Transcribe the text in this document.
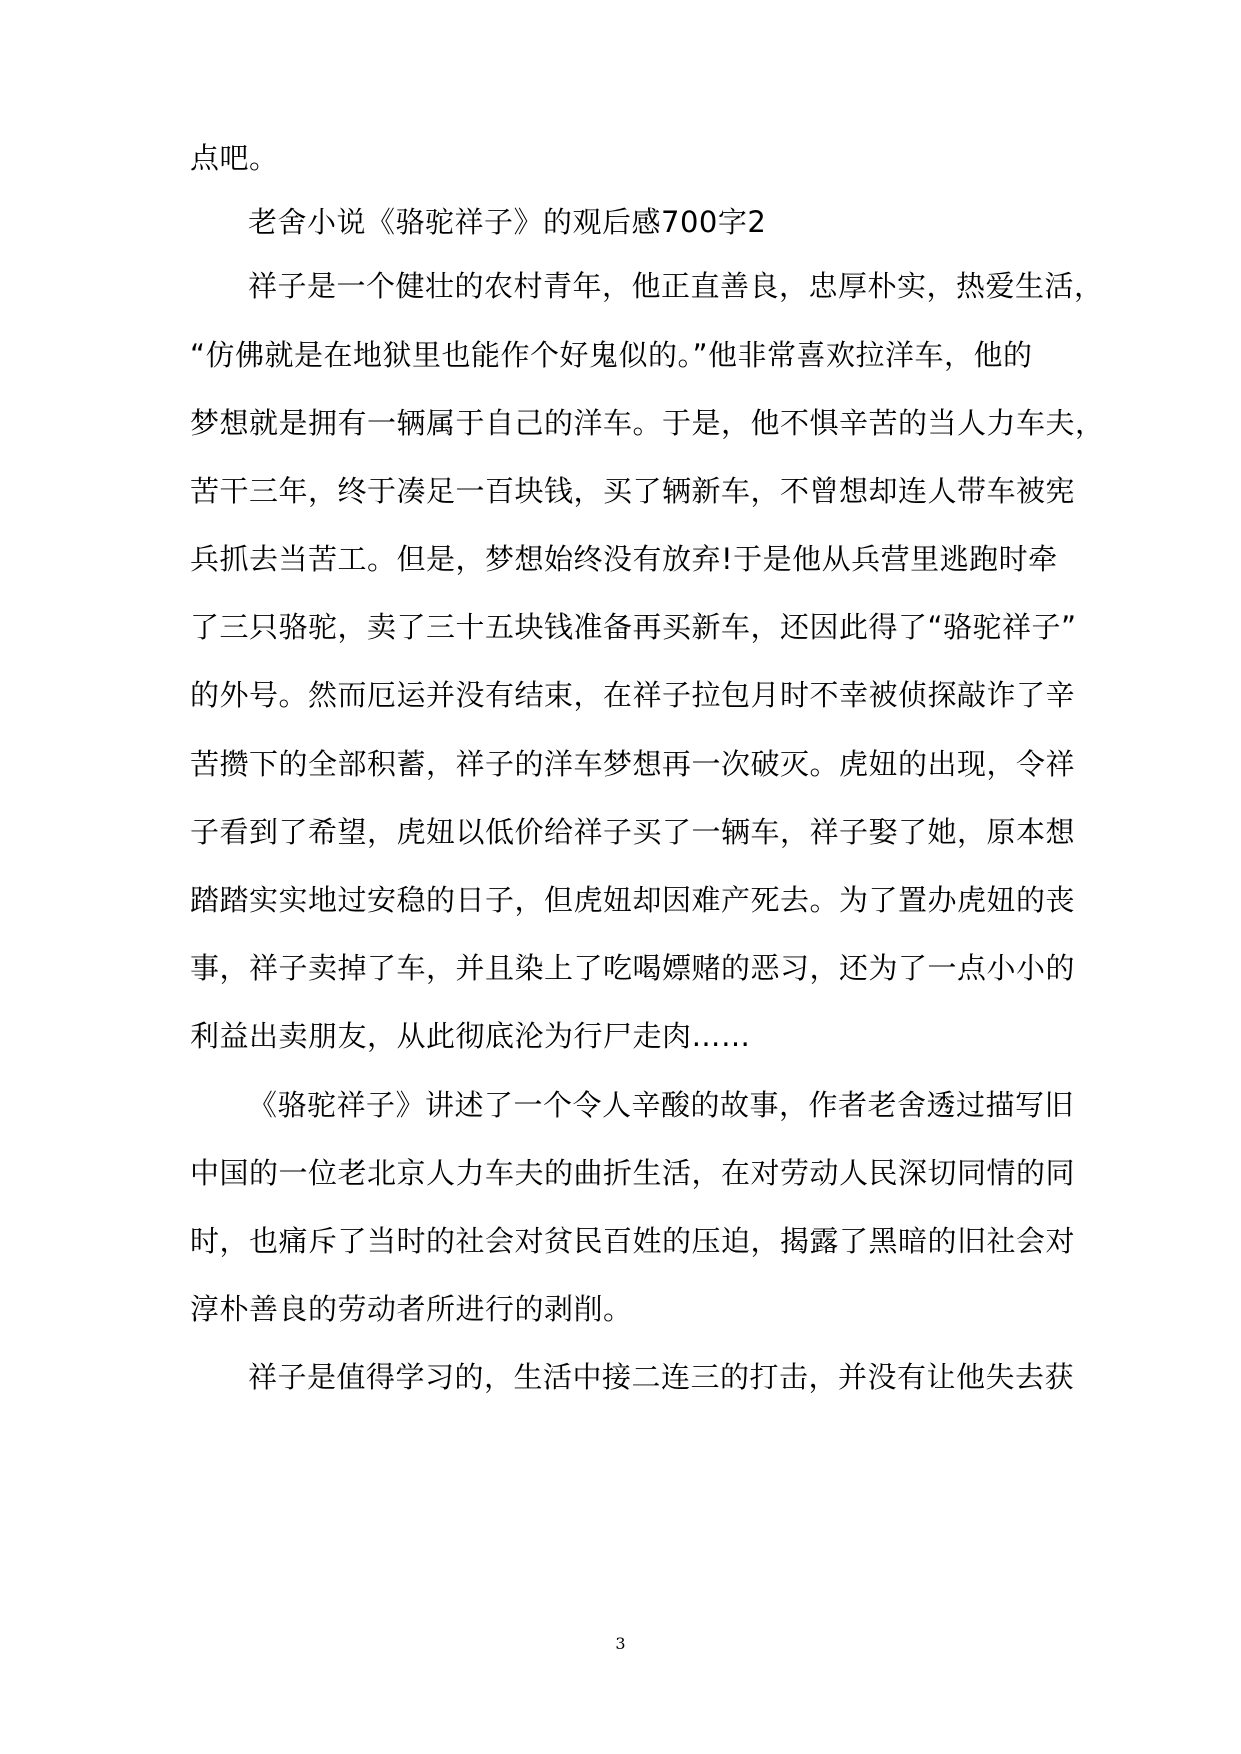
点吧。
老舍小说《骆驼祥子》的观后感700字2
祥子是一个健壮的农村青年，他正直善良，忠厚朴实，热爱生活，
“仿佛就是在地狱里也能作个好鬼似的。”他非常喜欢拉洋车，他的
梦想就是拥有一辆属于自己的洋车。于是，他不惧辛苦的当人力车夫，
苦干三年，终于凑足一百块钱，买了辆新车，不曾想却连人带车被宪
兵抓去当苦工。但是，梦想始终没有放弃!于是他从兵营里逃跑时牵
了三只骆驼，卖了三十五块钱准备再买新车，还因此得了“骆驼祥子”
的外号。然而厄运并没有结束，在祥子拉包月时不幸被侦探敲诈了辛
苦攒下的全部积蓄，祥子的洋车梦想再一次破灭。虎妞的出现，令祥
子看到了希望，虎妞以低价给祥子买了一辆车，祥子娶了她，原本想
踏踏实实地过安稳的日子，但虎妞却因难产死去。为了置办虎妞的丧
事，祥子卖掉了车，并且染上了吃喝嫖赌的恶习，还为了一点小小的
利益出卖朋友，从此彻底沦为行尸走肉……
《骆驼祥子》讲述了一个令人辛酸的故事，作者老舍透过描写旧
中国的一位老北京人力车夫的曲折生活，在对劳动人民深切同情的同
时，也痛斥了当时的社会对贫民百姓的压迫，揭露了黑暗的旧社会对
淳朴善良的劳动者所进行的剥削。
祥子是值得学习的，生活中接二连三的打击，并没有让他失去获
3
